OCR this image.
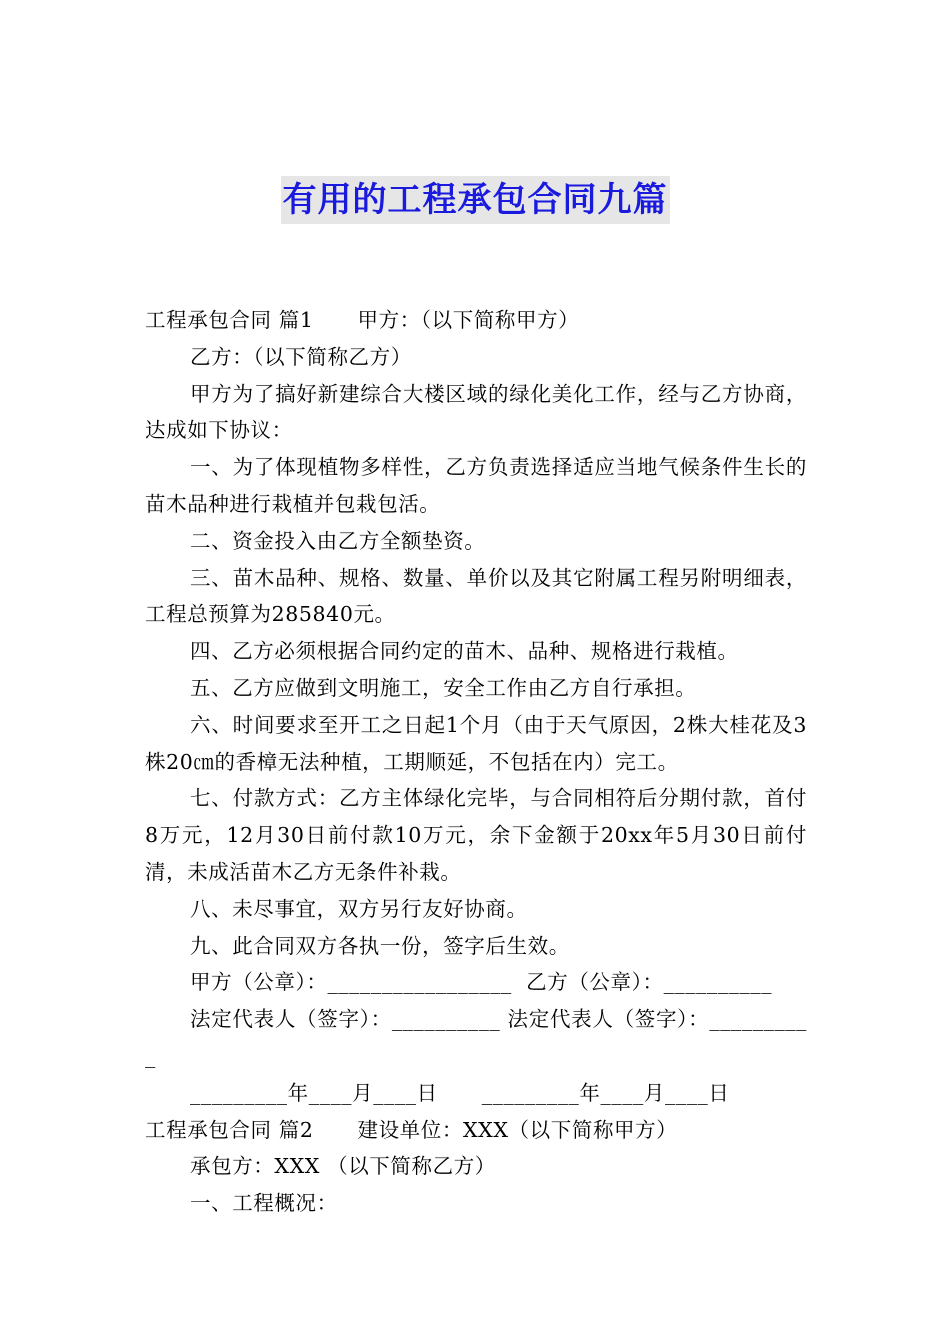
有用的工程承包合同九篇

工程承包合同 篇1 甲方：（以下简称甲方）

乙方：（以下简称乙方）

甲方为了搞好新建综合大楼区域的绿化美化工作，经与乙方协商，达成如下协议：

一、为了体现植物多样性，乙方负责选择适应当地气候条件生长的苗木品种进行栽植并包栽包活。

二、资金投入由乙方全额垫资。

三、苗木品种、规格、数量、单价以及其它附属工程另附明细表，工程总预算为285840元。

四、乙方必须根据合同约定的苗木、品种、规格进行栽植。

五、乙方应做到文明施工，安全工作由乙方自行承担。

六、时间要求至开工之日起1个月（由于天气原因，2株大桂花及3株20㎝的香樟无法种植，工期顺延，不包括在内）完工。

七、付款方式：乙方主体绿化完毕，与合同相符后分期付款，首付8万元，12月30日前付款10万元，余下金额于20xx年5月30日前付清，未成活苗木乙方无条件补栽。

八、未尽事宜，双方另行友好协商。

九、此合同双方各执一份，签字后生效。

甲方（公章）：_________________  乙方（公章）：__________

法定代表人（签字）：__________ 法定代表人（签字）：__________

_________年____月____日 _________年____月____日

工程承包合同 篇2 建设单位：XXX（以下简称甲方）

承包方：XXX （以下简称乙方）

一、工程概况：
